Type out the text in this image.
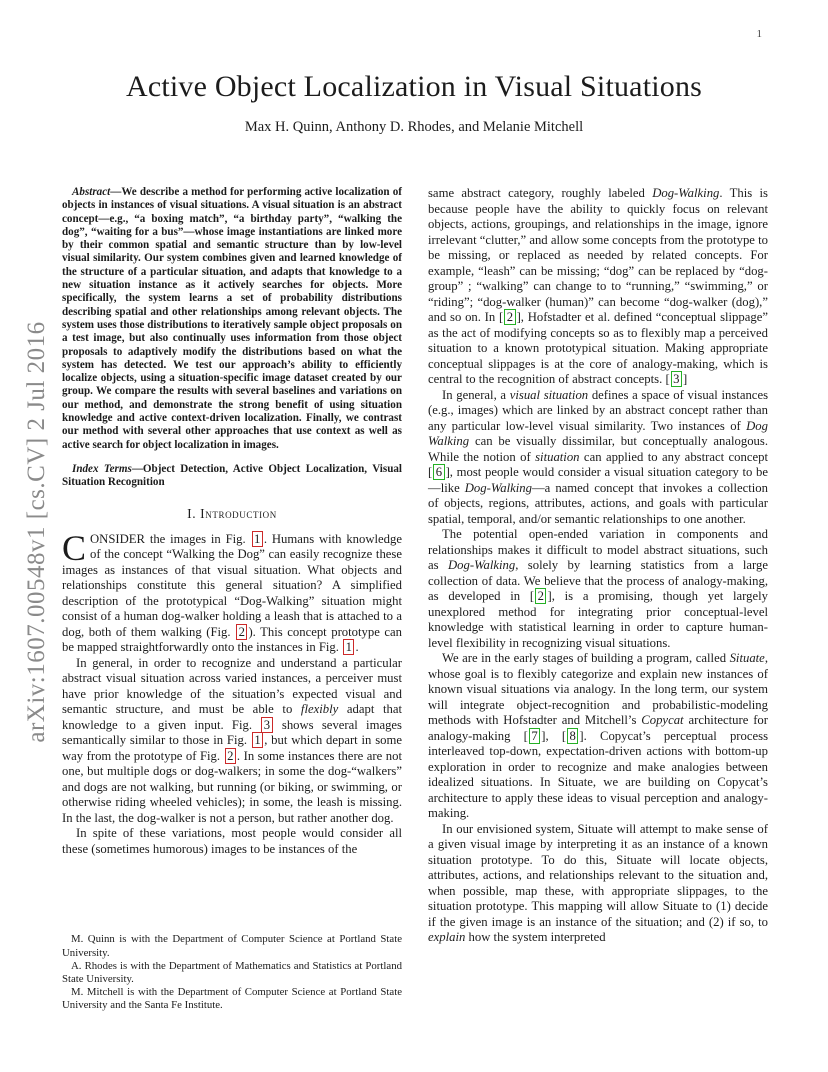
1
arXiv:1607.00548v1 [cs.CV] 2 Jul 2016
Active Object Localization in Visual Situations
Max H. Quinn, Anthony D. Rhodes, and Melanie Mitchell

Abstract—We describe a method for performing active localization of objects in instances of visual situations. A visual situation is an abstract concept—e.g., “a boxing match”, “a birthday party”, “walking the dog”, “waiting for a bus”—whose image instantiations are linked more by their common spatial and semantic structure than by low-level visual similarity. Our system combines given and learned knowledge of the structure of a particular situation, and adapts that knowledge to a new situation instance as it actively searches for objects. More specifically, the system learns a set of probability distributions describing spatial and other relationships among relevant objects. The system uses those distributions to iteratively sample object proposals on a test image, but also continually uses information from those object proposals to adaptively modify the distributions based on what the system has detected. We test our approach’s ability to efficiently localize objects, using a situation-specific image dataset created by our group. We compare the results with several baselines and variations on our method, and demonstrate the strong benefit of using situation knowledge and active context-driven localization. Finally, we contrast our method with several other approaches that use context as well as active search for object localization in images.

Index Terms—Object Detection, Active Object Localization, Visual Situation Recognition

I. Introduction

CONSIDER the images in Fig. 1 . Humans with knowledge of the concept “Walking the Dog” can easily recognize these images as instances of that visual situation. What objects and relationships constitute this general situation? A simplified description of the prototypical “Dog-Walking” situation might consist of a human dog-walker holding a leash that is attached to a dog, both of them walking (Fig. 2 ). This concept prototype can be mapped straightforwardly onto the instances in Fig. 1 .

In general, in order to recognize and understand a particular abstract visual situation across varied instances, a perceiver must have prior knowledge of the situation’s expected visual and semantic structure, and must be able to flexibly adapt that knowledge to a given input. Fig. 3 shows several images semantically similar to those in Fig. 1 , but which depart in some way from the prototype of Fig. 2 . In some instances there are not one, but multiple dogs or dog-walkers; in some the dog-“walkers” and dogs are not walking, but running (or biking, or swimming, or otherwise riding wheeled vehicles); in some, the leash is missing. In the last, the dog-walker is not a person, but rather another dog.

In spite of these variations, most people would consider all these (sometimes humorous) images to be instances of the

M. Quinn is with the Department of Computer Science at Portland State University.

A. Rhodes is with the Department of Mathematics and Statistics at Portland State University.

M. Mitchell is with the Department of Computer Science at Portland State University and the Santa Fe Institute.

same abstract category, roughly labeled Dog-Walking. This is because people have the ability to quickly focus on relevant objects, actions, groupings, and relationships in the image, ignore irrelevant “clutter,” and allow some concepts from the prototype to be missing, or replaced as needed by related concepts. For example, “leash” can be missing; “dog” can be replaced by “dog-group” ; “walking” can change to to “running,” “swimming,” or “riding”; “dog-walker (human)” can become “dog-walker (dog),” and so on. In [ 2 ], Hofstadter et al. defined “conceptual slippage” as the act of modifying concepts so as to flexibly map a perceived situation to a known prototypical situation. Making appropriate conceptual slippages is at the core of analogy-making, which is central to the recognition of abstract concepts. [ 3 ]

In general, a visual situation defines a space of visual instances (e.g., images) which are linked by an abstract concept rather than any particular low-level visual similarity. Two instances of Dog Walking can be visually dissimilar, but conceptually analogous. While the notion of situation can applied to any abstract concept [ 6 ], most people would consider a visual situation category to be—like Dog-Walking—a named concept that invokes a collection of objects, regions, attributes, actions, and goals with particular spatial, temporal, and/or semantic relationships to one another.

The potential open-ended variation in components and relationships makes it difficult to model abstract situations, such as Dog-Walking, solely by learning statistics from a large collection of data. We believe that the process of analogy-making, as developed in [ 2 ], is a promising, though yet largely unexplored method for integrating prior conceptual-level knowledge with statistical learning in order to capture human-level flexibility in recognizing visual situations.

We are in the early stages of building a program, called Situate, whose goal is to flexibly categorize and explain new instances of known visual situations via analogy. In the long term, our system will integrate object-recognition and probabilistic-modeling methods with Hofstadter and Mitchell’s Copycat architecture for analogy-making [ 7 ], [ 8 ]. Copycat’s perceptual process interleaved top-down, expectation-driven actions with bottom-up exploration in order to recognize and make analogies between idealized situations. In Situate, we are building on Copycat’s architecture to apply these ideas to visual perception and analogy-making.

In our envisioned system, Situate will attempt to make sense of a given visual image by interpreting it as an instance of a known situation prototype. To do this, Situate will locate objects, attributes, actions, and relationships relevant to the situation and, when possible, map these, with appropriate slippages, to the situation prototype. This mapping will allow Situate to (1) decide if the given image is an instance of the situation; and (2) if so, to explain how the system interpreted
